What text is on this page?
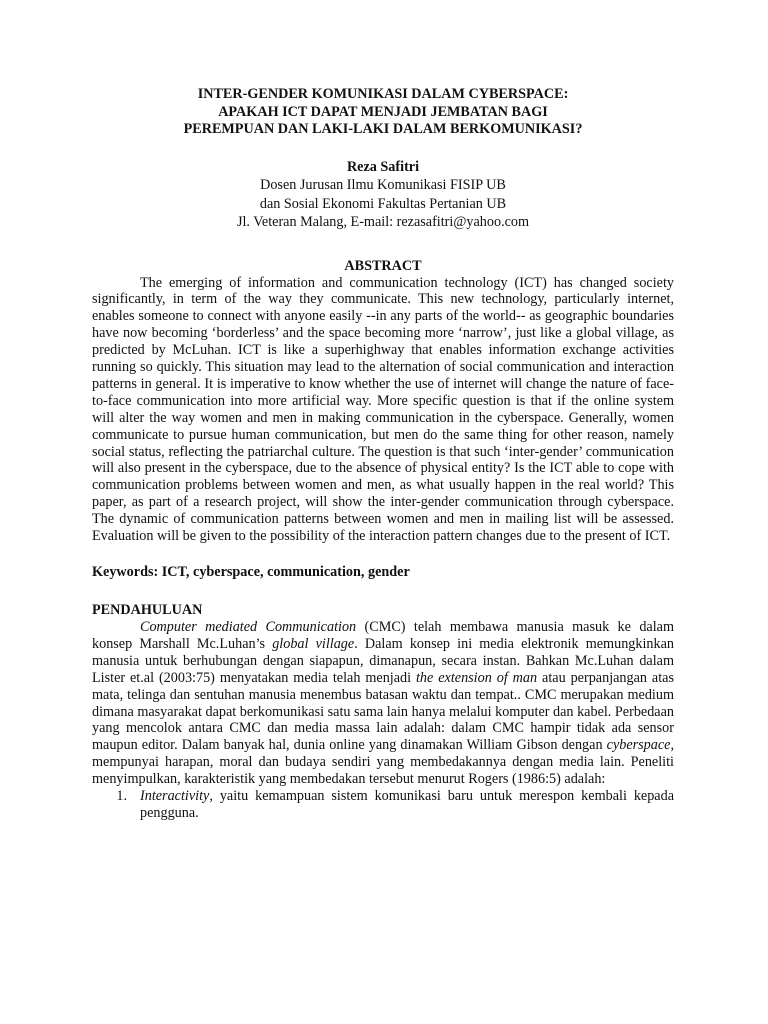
INTER-GENDER KOMUNIKASI DALAM CYBERSPACE:
APAKAH ICT DAPAT MENJADI JEMBATAN BAGI
PEREMPUAN DAN LAKI-LAKI DALAM BERKOMUNIKASI?
Reza Safitri
Dosen Jurusan Ilmu Komunikasi FISIP UB
dan Sosial Ekonomi Fakultas Pertanian UB
Jl. Veteran Malang, E-mail: rezasafitri@yahoo.com
ABSTRACT

The emerging of information and communication technology (ICT) has changed society significantly, in term of the way they communicate. This new technology, particularly internet, enables someone to connect with anyone easily --in any parts of the world-- as geographic boundaries have now becoming ‘borderless’ and the space becoming more ‘narrow’, just like a global village, as predicted by McLuhan. ICT is like a superhighway that enables information exchange activities running so quickly. This situation may lead to the alternation of social communication and interaction patterns in general. It is imperative to know whether the use of internet will change the nature of face-to-face communication into more artificial way. More specific question is that if the online system will alter the way women and men in making communication in the cyberspace. Generally, women communicate to pursue human communication, but men do the same thing for other reason, namely social status, reflecting the patriarchal culture. The question is that such ‘inter-gender’ communication will also present in the cyberspace, due to the absence of physical entity? Is the ICT able to cope with communication problems between women and men, as what usually happen in the real world? This paper, as part of a research project, will show the inter-gender communication through cyberspace. The dynamic of communication patterns between women and men in mailing list will be assessed. Evaluation will be given to the possibility of the interaction pattern changes due to the present of ICT.

Keywords: ICT, cyberspace, communication, gender
PENDAHULUAN

Computer mediated Communication (CMC) telah membawa manusia masuk ke dalam konsep Marshall Mc.Luhan’s global village. Dalam konsep ini media elektronik memungkinkan manusia untuk berhubungan dengan siapapun, dimanapun, secara instan. Bahkan Mc.Luhan dalam Lister et.al (2003:75) menyatakan media telah menjadi the extension of man atau perpanjangan atas mata, telinga dan sentuhan manusia menembus batasan waktu dan tempat.. CMC merupakan medium dimana masyarakat dapat berkomunikasi satu sama lain hanya melalui komputer dan kabel. Perbedaan yang mencolok antara CMC dan media massa lain adalah: dalam CMC hampir tidak ada sensor maupun editor. Dalam banyak hal, dunia online yang dinamakan William Gibson dengan cyberspace, mempunyai harapan, moral dan budaya sendiri yang membedakannya dengan media lain. Peneliti menyimpulkan, karakteristik yang membedakan tersebut menurut Rogers (1986:5) adalah:

1. Interactivity, yaitu kemampuan sistem komunikasi baru untuk merespon kembali kepada pengguna.
